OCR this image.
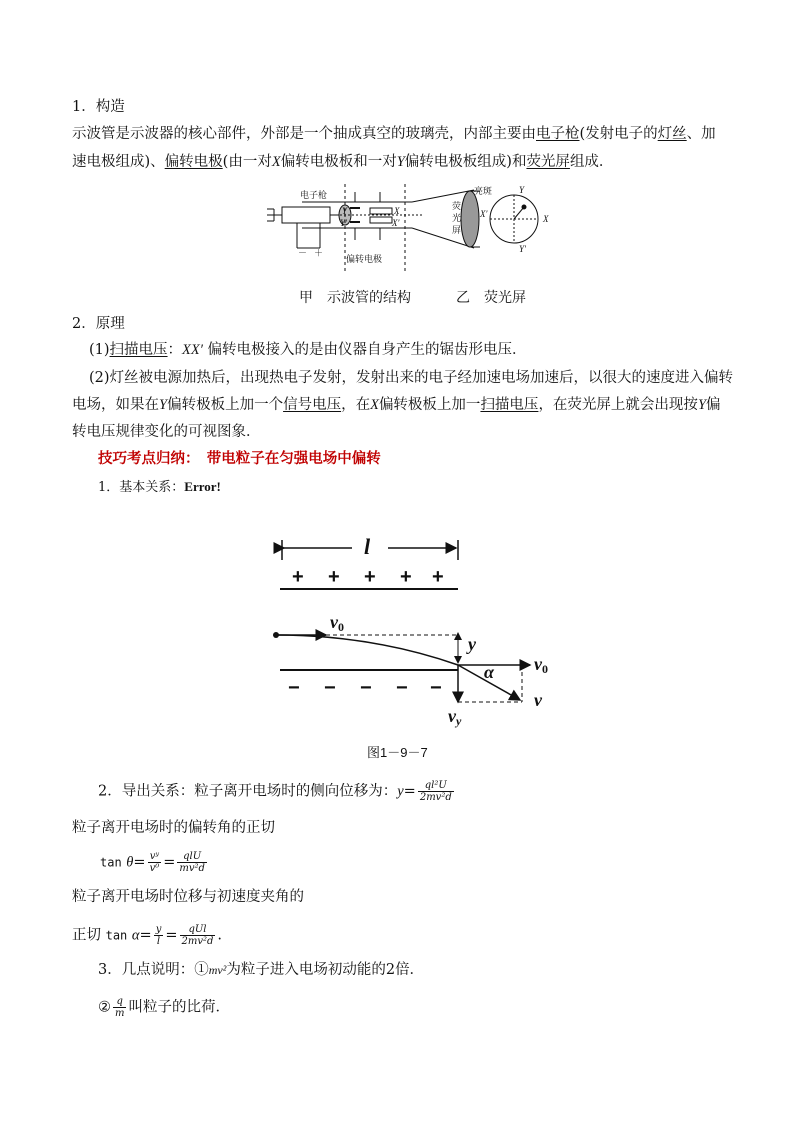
1．构造
示波管是示波器的核心部件，外部是一个抽成真空的玻璃壳，内部主要由电子枪(发射电子的灯丝、加
速电极组成)、偏转电极(由一对X偏转电极板和一对Y偏转电极板组成)和荧光屏组成．
电子枪
偏转电极
亮斑
荧
光
屏
－ ＋
Y
Y′
X
X′
Y
Y′
X
X′
甲　示波管的结构	乙　荧光屏
2．原理
(1)扫描电压：XX′ 偏转电极接入的是由仪器自身产生的锯齿形电压．
(2)灯丝被电源加热后，出现热电子发射，发射出来的电子经加速电场加速后，以很大的速度进入偏转
电场，如果在Y偏转极板上加一个信号电压，在X偏转极板上加一扫描电压，在荧光屏上就会出现按Y偏
转电压规律变化的可视图象．
技巧考点归纳：　带电粒子在匀强电场中偏转
1．基本关系：Error!
+ + + + +
− − − − −
l
v0
y
α v0
v
vy
图1－9－7
2．导出关系：粒子离开电场时的侧向位移为：$y= \frac{\text{ql²U}}{\text{2mv²d}}$
粒子离开电场时的偏转角的正切
$\tan \theta= \frac{\text{vʸ}}{\text{v⁰}} = \frac{\text{qlU}}{\text{mv²d}}$
粒子离开电场时位移与初速度夹角的
正切 $\tan \alpha= \frac{y}{l} = \frac{\text{qUl}}{\text{2mv²d}}$ .
3．几点说明：①mv²为粒子进入电场初动能的2倍．
② $\frac{q}{m}$ 叫粒子的比荷．
